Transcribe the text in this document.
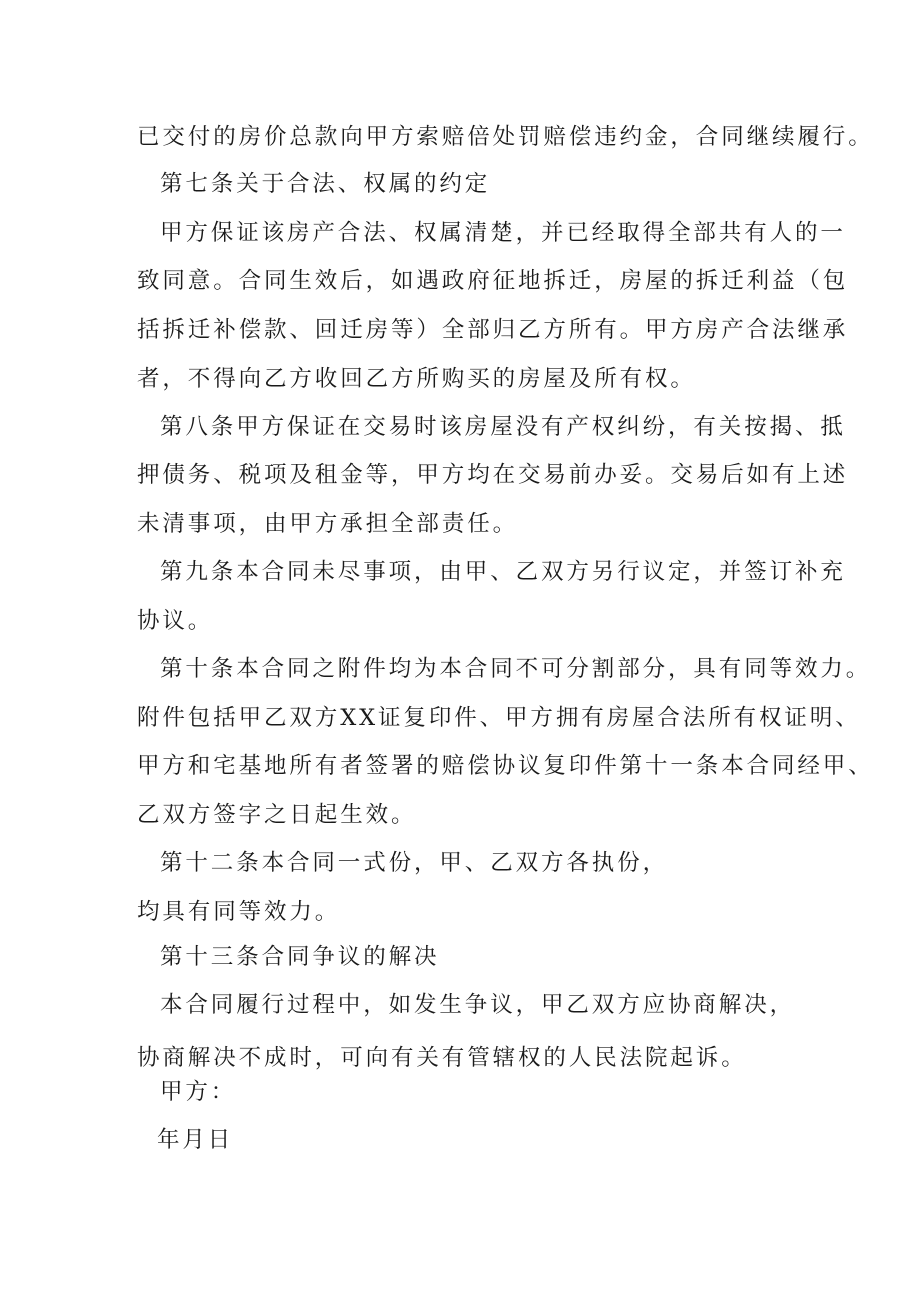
已交付的房价总款向甲方索赔倍处罚赔偿违约金，合同继续履行。
第七条关于合法、权属的约定
甲方保证该房产合法、权属清楚，并已经取得全部共有人的一
致同意。合同生效后，如遇政府征地拆迁，房屋的拆迁利益（包
括拆迁补偿款、回迁房等）全部归乙方所有。甲方房产合法继承
者，不得向乙方收回乙方所购买的房屋及所有权。
第八条甲方保证在交易时该房屋没有产权纠纷，有关按揭、抵
押债务、税项及租金等，甲方均在交易前办妥。交易后如有上述
未清事项，由甲方承担全部责任。
第九条本合同未尽事项，由甲、乙双方另行议定，并签订补充
协议。
第十条本合同之附件均为本合同不可分割部分，具有同等效力。
附件包括甲乙双方XX证复印件、甲方拥有房屋合法所有权证明、
甲方和宅基地所有者签署的赔偿协议复印件第十一条本合同经甲、
乙双方签字之日起生效。
第十二条本合同一式份，甲、乙双方各执份，
均具有同等效力。
第十三条合同争议的解决
本合同履行过程中，如发生争议，甲乙双方应协商解决，
协商解决不成时，可向有关有管辖权的人民法院起诉。
甲方：
年月日
